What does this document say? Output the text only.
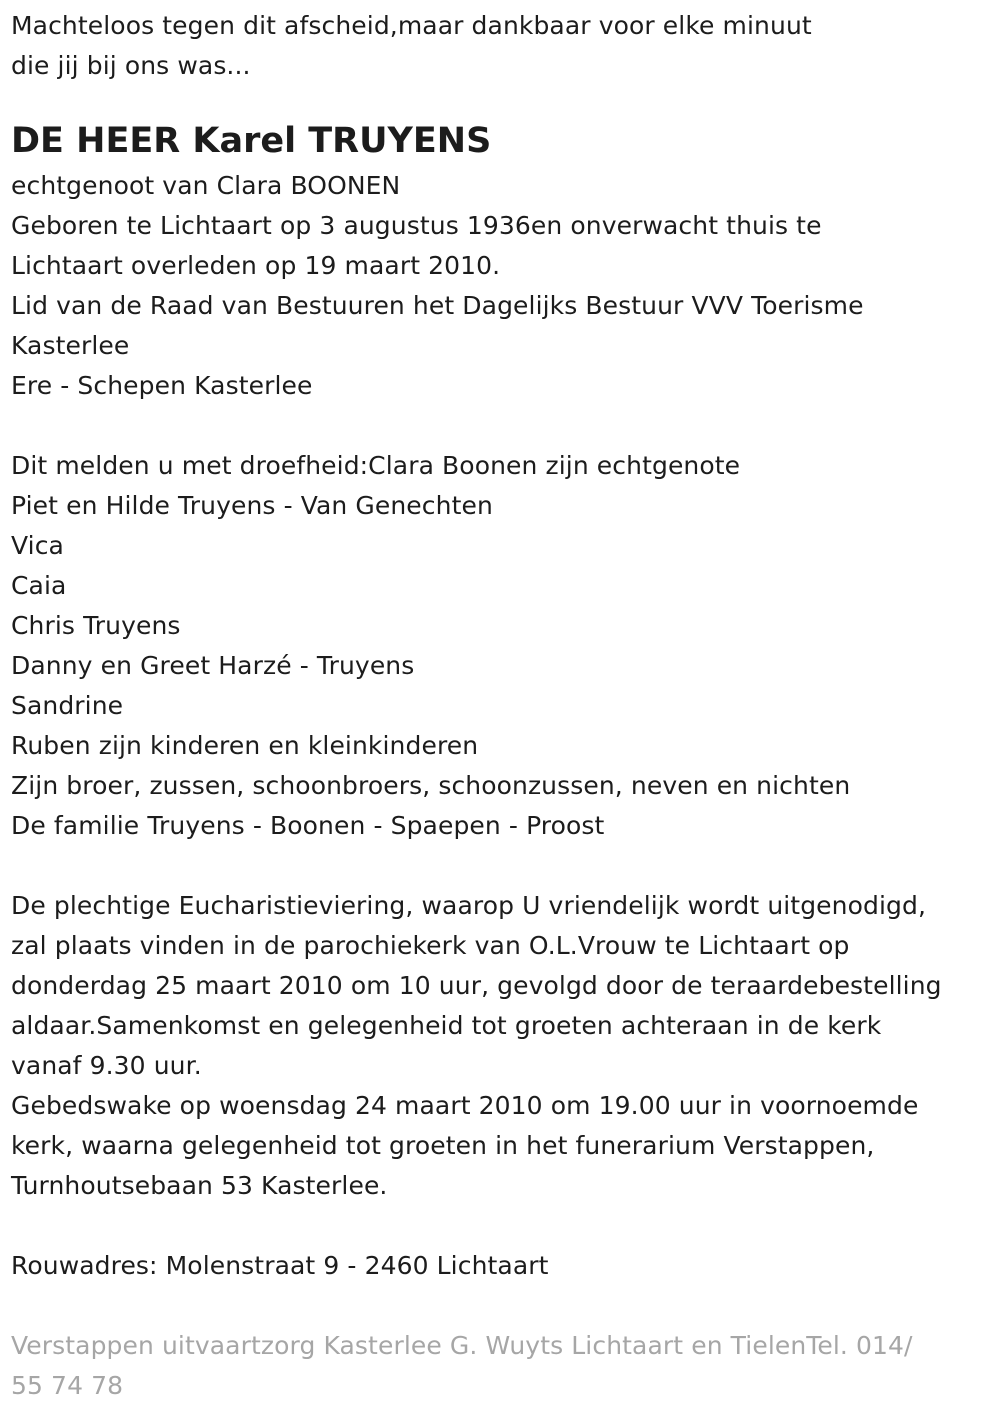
Machteloos tegen dit afscheid,maar dankbaar voor elke minuut
die jij bij ons was...
DE HEER Karel TRUYENS
echtgenoot van Clara BOONEN
Geboren te Lichtaart op 3 augustus 1936en onverwacht thuis te
Lichtaart overleden op 19 maart 2010.
Lid van de Raad van Bestuuren het Dagelijks Bestuur VVV Toerisme
Kasterlee
Ere - Schepen Kasterlee
Dit melden u met droefheid:Clara Boonen zijn echtgenote
Piet en Hilde Truyens - Van Genechten
Vica
Caia
Chris Truyens
Danny en Greet Harzé - Truyens
Sandrine
Ruben zijn kinderen en kleinkinderen
Zijn broer, zussen, schoonbroers, schoonzussen, neven en nichten
De familie Truyens - Boonen - Spaepen - Proost
De plechtige Eucharistieviering, waarop U vriendelijk wordt uitgenodigd,
zal plaats vinden in de parochiekerk van O.L.Vrouw te Lichtaart op
donderdag 25 maart 2010 om 10 uur, gevolgd door de teraardebestelling
aldaar.Samenkomst en gelegenheid tot groeten achteraan in de kerk
vanaf 9.30 uur.
Gebedswake op woensdag 24 maart 2010 om 19.00 uur in voornoemde
kerk, waarna gelegenheid tot groeten in het funerarium Verstappen,
Turnhoutsebaan 53 Kasterlee.
Rouwadres: Molenstraat 9 - 2460 Lichtaart
Verstappen uitvaartzorg Kasterlee G. Wuyts Lichtaart en TielenTel. 014/
55 74 78
